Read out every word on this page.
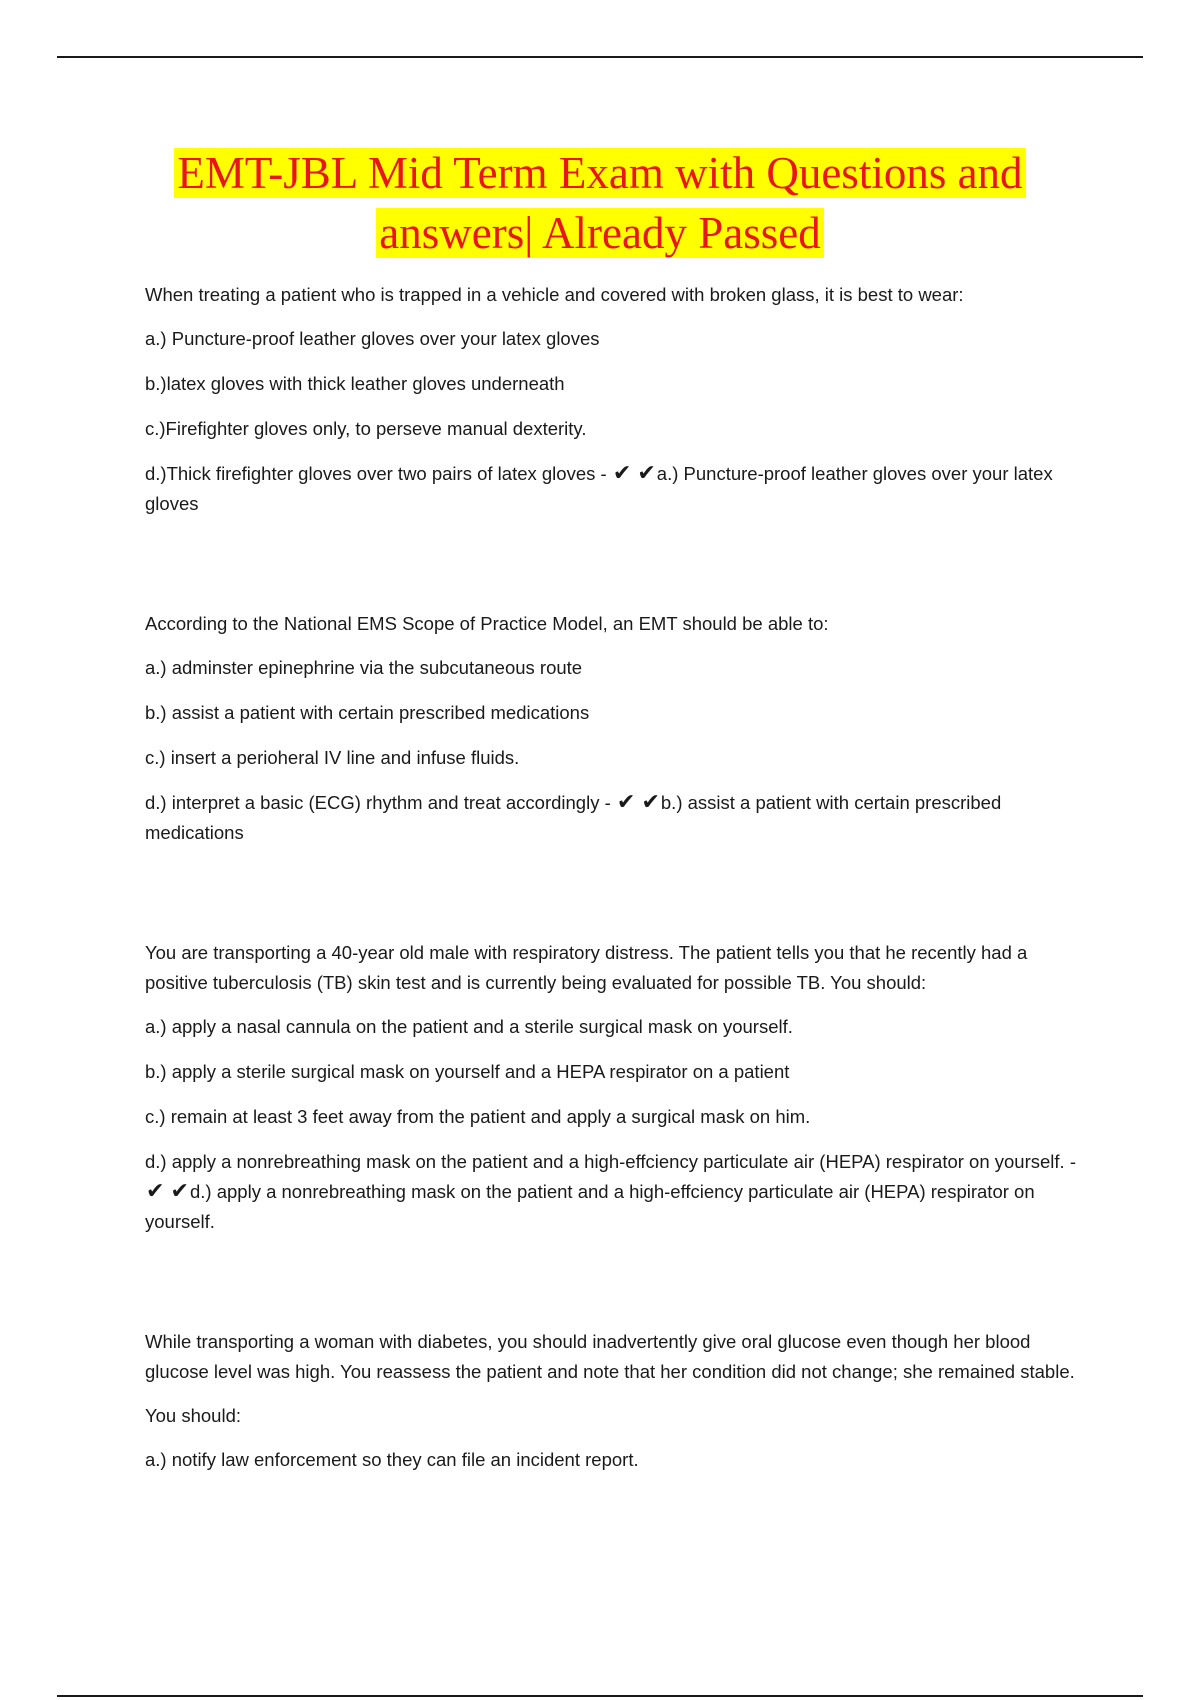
EMT-JBL Mid Term Exam with Questions and
answers| Already Passed

When treating a patient who is trapped in a vehicle and covered with broken glass, it is best to wear:

a.) Puncture-proof leather gloves over your latex gloves

b.)latex gloves with thick leather gloves underneath

c.)Firefighter gloves only, to perseve manual dexterity.

d.)Thick firefighter gloves over two pairs of latex gloves - ✔ ✔a.) Puncture-proof leather gloves over your latex gloves

According to the National EMS Scope of Practice Model, an EMT should be able to:

a.) adminster epinephrine via the subcutaneous route

b.) assist a patient with certain prescribed medications

c.) insert a perioheral IV line and infuse fluids.

d.) interpret a basic (ECG) rhythm and treat accordingly - ✔ ✔b.) assist a patient with certain prescribed medications

You are transporting a 40-year old male with respiratory distress. The patient tells you that he recently had a positive tuberculosis (TB) skin test and is currently being evaluated for possible TB. You should:

a.) apply a nasal cannula on the patient and a sterile surgical mask on yourself.

b.) apply a sterile surgical mask on yourself and a HEPA respirator on a patient

c.) remain at least 3 feet away from the patient and apply a surgical mask on him.

d.) apply a nonrebreathing mask on the patient and a high-effciency particulate air (HEPA) respirator on yourself. - ✔ ✔d.) apply a nonrebreathing mask on the patient and a high-effciency particulate air (HEPA) respirator on yourself.

While transporting a woman with diabetes, you should inadvertently give oral glucose even though her blood glucose level was high. You reassess the patient and note that her condition did not change; she remained stable.

You should:

a.) notify law enforcement so they can file an incident report.
